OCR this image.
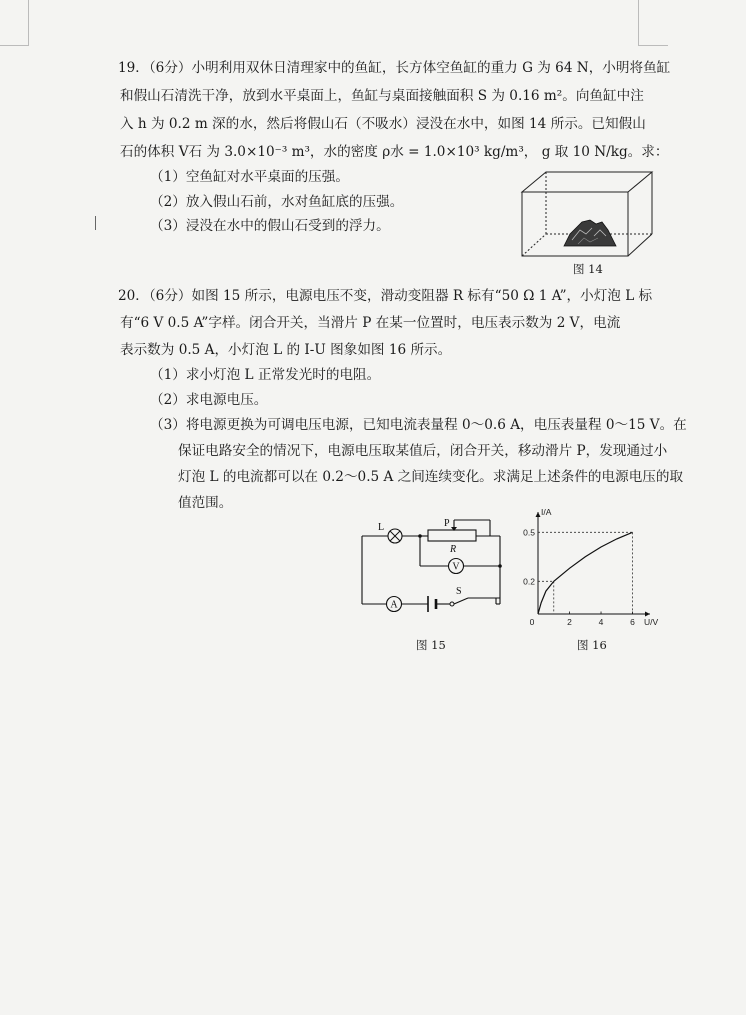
19．（6分）小明利用双休日清理家中的鱼缸，长方体空鱼缸的重力 G 为 64 N，小明将鱼缸
和假山石清洗干净，放到水平桌面上，鱼缸与桌面接触面积 S 为 0.16 m²。向鱼缸中注
入 h 为 0.2 m 深的水，然后将假山石（不吸水）浸没在水中，如图 14 所示。已知假山
石的体积 V石 为 3.0×10⁻³ m³，水的密度 ρ水 = 1.0×10³ kg/m³， g 取 10 N/kg。求：
（1）空鱼缸对水平桌面的压强。
（2）放入假山石前，水对鱼缸底的压强。
（3）浸没在水中的假山石受到的浮力。
图 14
20．（6分）如图 15 所示，电源电压不变，滑动变阻器 R 标有“50 Ω 1 A”，小灯泡 L 标
有“6 V 0.5 A”字样。闭合开关，当滑片 P 在某一位置时，电压表示数为 2 V，电流
表示数为 0.5 A，小灯泡 L 的 I-U 图象如图 16 所示。
（1）求小灯泡 L 正常发光时的电阻。
（2）求电源电压。
（3）将电源更换为可调电压电源，已知电流表量程 0～0.6 A，电压表量程 0～15 V。在
保证电路安全的情况下，电源电压取某值后，闭合开关，移动滑片 P，发现通过小
灯泡 L 的电流都可以在 0.2～0.5 A 之间连续变化。求满足上述条件的电源电压的取
值范围。
V
A
L	P
R
S
图 15
0	2	4	6
0.2
0.5
U/V
I/A
图 16
